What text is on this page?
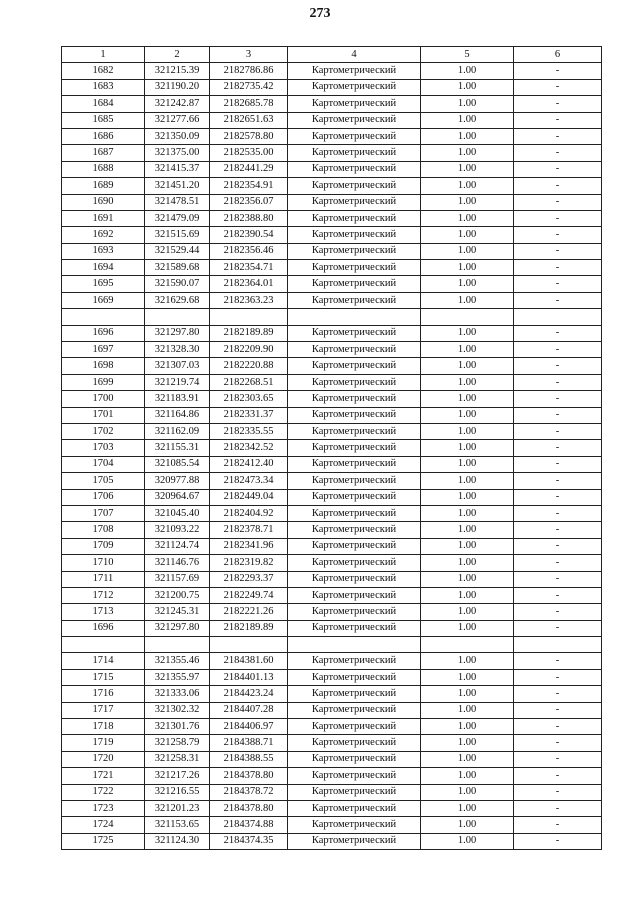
273
1	2	3	4	5	6
1682	321215.39	2182786.86	Картометрический	1.00	-
1683	321190.20	2182735.42	Картометрический	1.00	-
1684	321242.87	2182685.78	Картометрический	1.00	-
1685	321277.66	2182651.63	Картометрический	1.00	-
1686	321350.09	2182578.80	Картометрический	1.00	-
1687	321375.00	2182535.00	Картометрический	1.00	-
1688	321415.37	2182441.29	Картометрический	1.00	-
1689	321451.20	2182354.91	Картометрический	1.00	-
1690	321478.51	2182356.07	Картометрический	1.00	-
1691	321479.09	2182388.80	Картометрический	1.00	-
1692	321515.69	2182390.54	Картометрический	1.00	-
1693	321529.44	2182356.46	Картометрический	1.00	-
1694	321589.68	2182354.71	Картометрический	1.00	-
1695	321590.07	2182364.01	Картометрический	1.00	-
1669	321629.68	2182363.23	Картометрический	1.00	-

1696	321297.80	2182189.89	Картометрический	1.00	-
1697	321328.30	2182209.90	Картометрический	1.00	-
1698	321307.03	2182220.88	Картометрический	1.00	-
1699	321219.74	2182268.51	Картометрический	1.00	-
1700	321183.91	2182303.65	Картометрический	1.00	-
1701	321164.86	2182331.37	Картометрический	1.00	-
1702	321162.09	2182335.55	Картометрический	1.00	-
1703	321155.31	2182342.52	Картометрический	1.00	-
1704	321085.54	2182412.40	Картометрический	1.00	-
1705	320977.88	2182473.34	Картометрический	1.00	-
1706	320964.67	2182449.04	Картометрический	1.00	-
1707	321045.40	2182404.92	Картометрический	1.00	-
1708	321093.22	2182378.71	Картометрический	1.00	-
1709	321124.74	2182341.96	Картометрический	1.00	-
1710	321146.76	2182319.82	Картометрический	1.00	-
1711	321157.69	2182293.37	Картометрический	1.00	-
1712	321200.75	2182249.74	Картометрический	1.00	-
1713	321245.31	2182221.26	Картометрический	1.00	-
1696	321297.80	2182189.89	Картометрический	1.00	-

1714	321355.46	2184381.60	Картометрический	1.00	-
1715	321355.97	2184401.13	Картометрический	1.00	-
1716	321333.06	2184423.24	Картометрический	1.00	-
1717	321302.32	2184407.28	Картометрический	1.00	-
1718	321301.76	2184406.97	Картометрический	1.00	-
1719	321258.79	2184388.71	Картометрический	1.00	-
1720	321258.31	2184388.55	Картометрический	1.00	-
1721	321217.26	2184378.80	Картометрический	1.00	-
1722	321216.55	2184378.72	Картометрический	1.00	-
1723	321201.23	2184378.80	Картометрический	1.00	-
1724	321153.65	2184374.88	Картометрический	1.00	-
1725	321124.30	2184374.35	Картометрический	1.00	-
